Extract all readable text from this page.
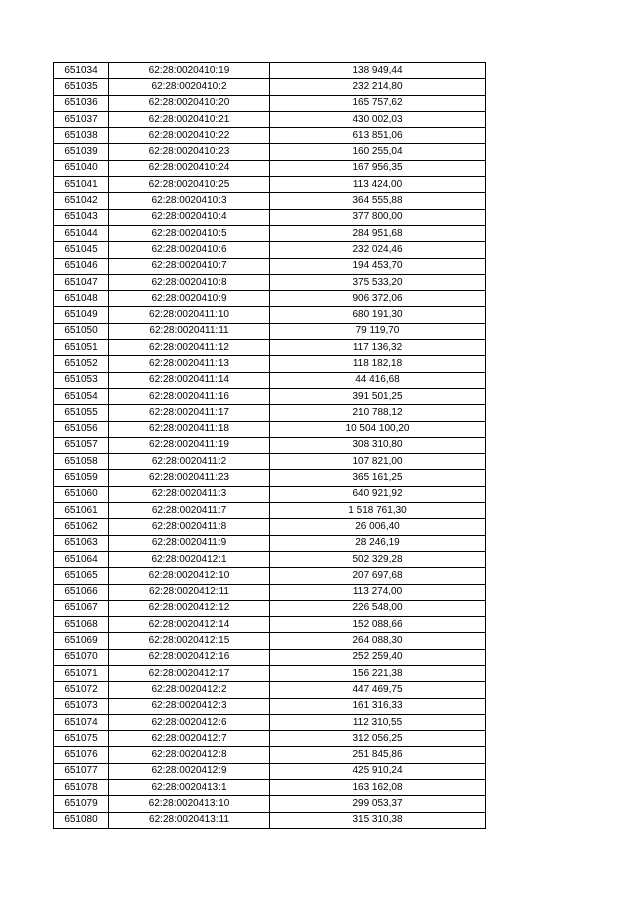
651034	62:28:0020410:19	138 949,44
651035	62:28:0020410:2	232 214,80
651036	62:28:0020410:20	165 757,62
651037	62:28:0020410:21	430 002,03
651038	62:28:0020410:22	613 851,06
651039	62:28:0020410:23	160 255,04
651040	62:28:0020410:24	167 956,35
651041	62:28:0020410:25	113 424,00
651042	62:28:0020410:3	364 555,88
651043	62:28:0020410:4	377 800,00
651044	62:28:0020410:5	284 951,68
651045	62:28:0020410:6	232 024,46
651046	62:28:0020410:7	194 453,70
651047	62:28:0020410:8	375 533,20
651048	62:28:0020410:9	906 372,06
651049	62:28:0020411:10	680 191,30
651050	62:28:0020411:11	79 119,70
651051	62:28:0020411:12	117 136,32
651052	62:28:0020411:13	118 182,18
651053	62:28:0020411:14	44 416,68
651054	62:28:0020411:16	391 501,25
651055	62:28:0020411:17	210 788,12
651056	62:28:0020411:18	10 504 100,20
651057	62:28:0020411:19	308 310,80
651058	62:28:0020411:2	107 821,00
651059	62:28:0020411:23	365 161,25
651060	62:28:0020411:3	640 921,92
651061	62:28:0020411:7	1 518 761,30
651062	62:28:0020411:8	26 006,40
651063	62:28:0020411:9	28 246,19
651064	62:28:0020412:1	502 329,28
651065	62:28:0020412:10	207 697,68
651066	62:28:0020412:11	113 274,00
651067	62:28:0020412:12	226 548,00
651068	62:28:0020412:14	152 088,66
651069	62:28:0020412:15	264 088,30
651070	62:28:0020412:16	252 259,40
651071	62:28:0020412:17	156 221,38
651072	62:28:0020412:2	447 469,75
651073	62:28:0020412:3	161 316,33
651074	62:28:0020412:6	112 310,55
651075	62:28:0020412:7	312 056,25
651076	62:28:0020412:8	251 845,86
651077	62:28:0020412:9	425 910,24
651078	62:28:0020413:1	163 162,08
651079	62:28:0020413:10	299 053,37
651080	62:28:0020413:11	315 310,38
